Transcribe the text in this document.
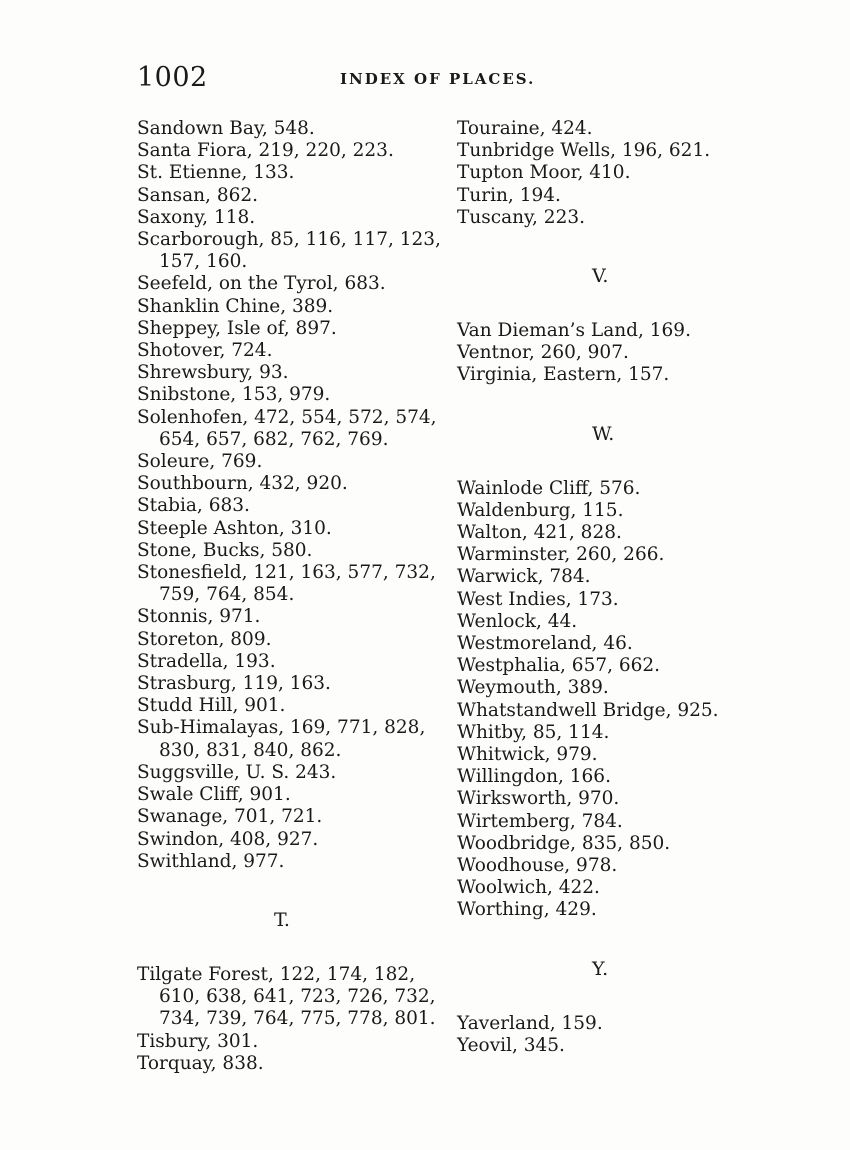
1002	INDEX OF PLACES.
Sandown Bay, 548.
Santa Fiora, 219, 220, 223.
St. Etienne, 133.
Sansan, 862.
Saxony, 118.
Scarborough, 85, 116, 117, 123,
157, 160.
Seefeld, on the Tyrol, 683.
Shanklin Chine, 389.
Sheppey, Isle of, 897.
Shotover, 724.
Shrewsbury, 93.
Snibstone, 153, 979.
Solenhofen, 472, 554, 572, 574,
654, 657, 682, 762, 769.
Soleure, 769.
Southbourn, 432, 920.
Stabia, 683.
Steeple Ashton, 310.
Stone, Bucks, 580.
Stonesfield, 121, 163, 577, 732,
759, 764, 854.
Stonnis, 971.
Storeton, 809.
Stradella, 193.
Strasburg, 119, 163.
Studd Hill, 901.
Sub-Himalayas, 169, 771, 828,
830, 831, 840, 862.
Suggsville, U. S. 243.
Swale Cliff, 901.
Swanage, 701, 721.
Swindon, 408, 927.
Swithland, 977.
T.
Tilgate Forest, 122, 174, 182,
610, 638, 641, 723, 726, 732,
734, 739, 764, 775, 778, 801.
Tisbury, 301.
Torquay, 838.
Touraine, 424.
Tunbridge Wells, 196, 621.
Tupton Moor, 410.
Turin, 194.
Tuscany, 223.
V.
Van Dieman’s Land, 169.
Ventnor, 260, 907.
Virginia, Eastern, 157.
W.
Wainlode Cliff, 576.
Waldenburg, 115.
Walton, 421, 828.
Warminster, 260, 266.
Warwick, 784.
West Indies, 173.
Wenlock, 44.
Westmoreland, 46.
Westphalia, 657, 662.
Weymouth, 389.
Whatstandwell Bridge, 925.
Whitby, 85, 114.
Whitwick, 979.
Willingdon, 166.
Wirksworth, 970.
Wirtemberg, 784.
Woodbridge, 835, 850.
Woodhouse, 978.
Woolwich, 422.
Worthing, 429.
Y.
Yaverland, 159.
Yeovil, 345.
